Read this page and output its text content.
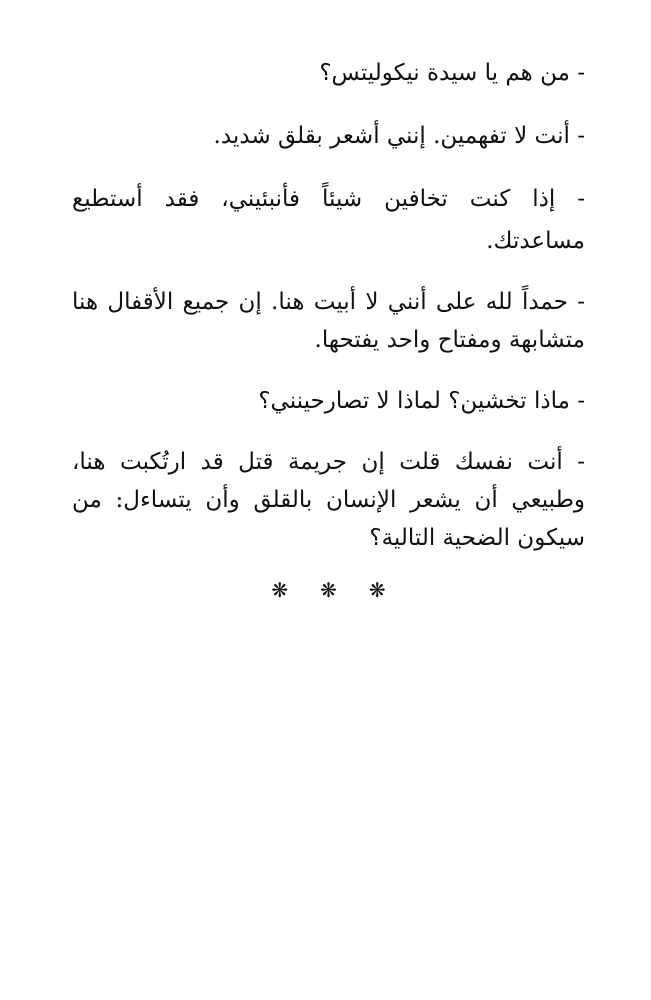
- من هم يا سيدة نيكوليتس؟

- أنت لا تفهمين. إنني أشعر بقلق شديد.

- إذا كنت تخافين شيئاً فأنبئيني، فقد أستطيع مساعدتك.

- حمداً لله على أنني لا أبيت هنا. إن جميع الأقفال هنا متشابهة ومفتاح واحد يفتحها.

- ماذا تخشين؟ لماذا لا تصارحينني؟

- أنت نفسك قلت إن جريمة قتل قد ارتُكبت هنا، وطبيعي أن يشعر الإنسان بالقلق وأن يتساءل: من سيكون الضحية التالية؟

❋ ❋ ❋
